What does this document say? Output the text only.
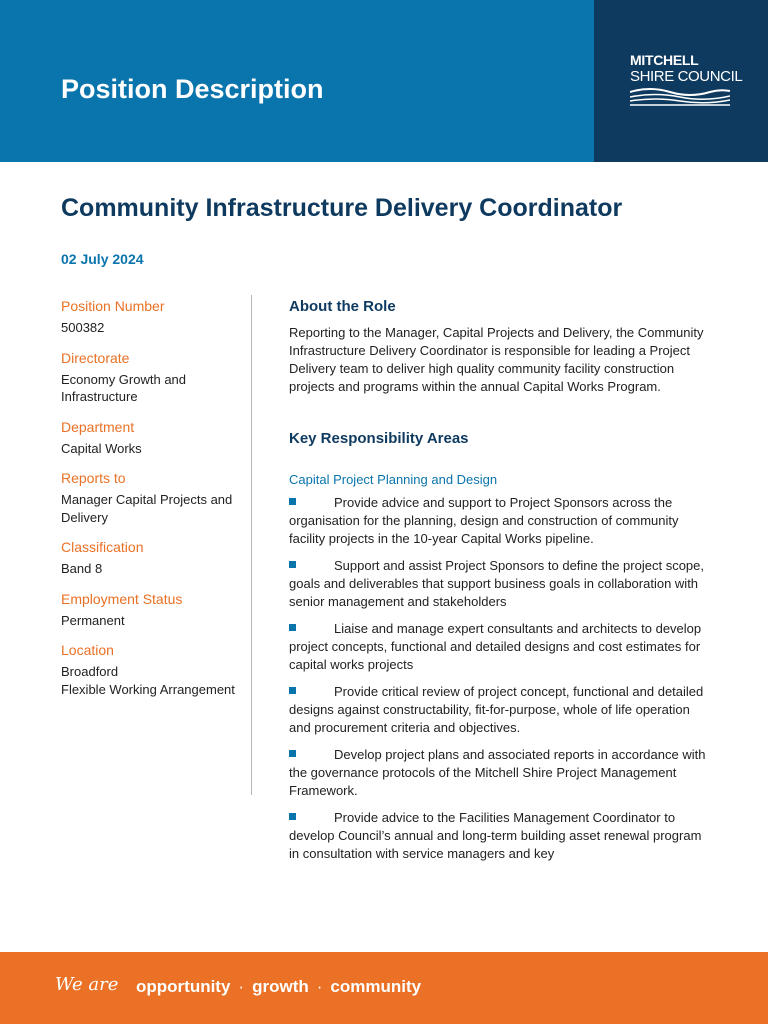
Position Description
MITCHELL
SHIRE COUNCIL
Community Infrastructure Delivery Coordinator
02 July 2024
Position Number
500382
Directorate
Economy Growth and Infrastructure
Department
Capital Works
Reports to
Manager Capital Projects and Delivery
Classification
Band 8
Employment Status
Permanent
Location
Broadford
Flexible Working Arrangement
About the Role
Reporting to the Manager, Capital Projects and Delivery, the Community Infrastructure Delivery Coordinator is responsible for leading a Project Delivery team to deliver high quality community facility construction projects and programs within the annual Capital Works Program.
Key Responsibility Areas
Capital Project Planning and Design
Provide advice and support to Project Sponsors across the organisation for the planning, design and construction of community facility projects in the 10-year Capital Works pipeline.
Support and assist Project Sponsors to define the project scope, goals and deliverables that support business goals in collaboration with senior management and stakeholders
Liaise and manage expert consultants and architects to develop project concepts, functional and detailed designs and cost estimates for capital works projects
Provide critical review of project concept, functional and detailed designs against constructability, fit-for-purpose, whole of life operation and procurement criteria and objectives.
Develop project plans and associated reports in accordance with the governance protocols of the Mitchell Shire Project Management Framework.
Provide advice to the Facilities Management Coordinator to develop Council’s annual and long-term building asset renewal program in consultation with service managers and key
We are opportunity · growth · community
